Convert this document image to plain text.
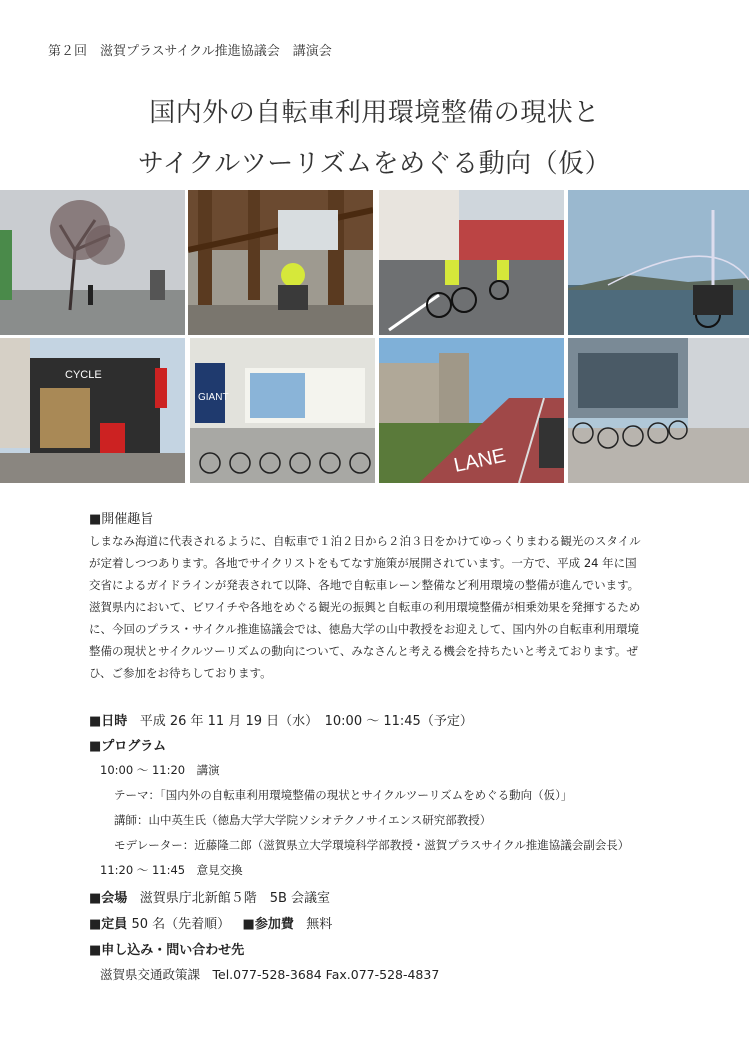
第２回　滋賀プラスサイクル推進協議会　講演会
国内外の自転車利用環境整備の現状と
サイクルツーリズムをめぐる動向（仮）
CYCLE
GIANT
LANE
■開催趣旨

しまなみ海道に代表されるように、自転車で１泊２日から２泊３日をかけてゆっくりまわる観光のスタイル

が定着しつつあります。各地でサイクリストをもてなす施策が展開されています。一方で、平成 24 年に国

交省によるガイドラインが発表されて以降、各地で自転車レーン整備など利用環境の整備が進んでいます。

滋賀県内において、ビワイチや各地をめぐる観光の振興と自転車の利用環境整備が相乗効果を発揮するため

に、今回のプラス・サイクル推進協議会では、徳島大学の山中教授をお迎えして、国内外の自転車利用環境

整備の現状とサイクルツーリズムの動向について、みなさんと考える機会を持ちたいと考えております。ぜ

ひ、ご参加をお待ちしております。

■日時 平成 26 年 11 月 19 日（水）　10:00 〜 11:45（予定）
■プログラム
10:00 〜 11:20　講演
テーマ：「国内外の自転車利用環境整備の現状とサイクルツーリズムをめぐる動向（仮）」
講師：山中英生氏（徳島大学大学院ソシオテクノサイエンス研究部教授）
モデレーター：近藤隆二郎（滋賀県立大学環境科学部教授・滋賀プラスサイクル推進協議会副会長）
11:20 〜 11:45　意見交換
■会場 滋賀県庁北新館５階　5B 会議室
■定員 50 名（先着順） ■参加費 無料
■申し込み・問い合わせ先
滋賀県交通政策課　Tel.077-528-3684 Fax.077-528-4837
